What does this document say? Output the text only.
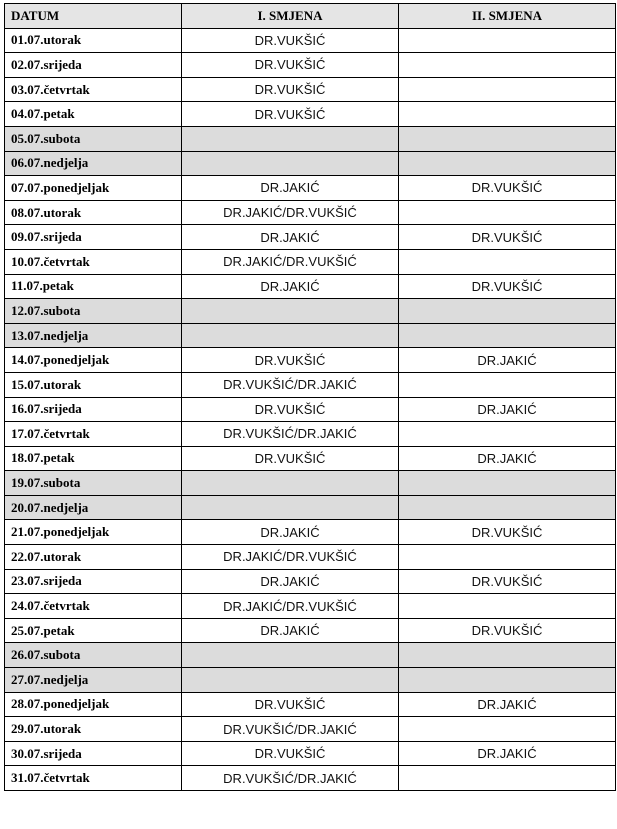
DATUM	I. SMJENA	II. SMJENA
01.07.utorak	DR.VUKŠIĆ	
02.07.srijeda	DR.VUKŠIĆ	
03.07.četvrtak	DR.VUKŠIĆ	
04.07.petak	DR.VUKŠIĆ	
05.07.subota		
06.07.nedjelja		
07.07.ponedjeljak	DR.JAKIĆ	DR.VUKŠIĆ
08.07.utorak	DR.JAKIĆ/DR.VUKŠIĆ	
09.07.srijeda	DR.JAKIĆ	DR.VUKŠIĆ
10.07.četvrtak	DR.JAKIĆ/DR.VUKŠIĆ	
11.07.petak	DR.JAKIĆ	DR.VUKŠIĆ
12.07.subota		
13.07.nedjelja		
14.07.ponedjeljak	DR.VUKŠIĆ	DR.JAKIĆ
15.07.utorak	DR.VUKŠIĆ/DR.JAKIĆ	
16.07.srijeda	DR.VUKŠIĆ	DR.JAKIĆ
17.07.četvrtak	DR.VUKŠIĆ/DR.JAKIĆ	
18.07.petak	DR.VUKŠIĆ	DR.JAKIĆ
19.07.subota		
20.07.nedjelja		
21.07.ponedjeljak	DR.JAKIĆ	DR.VUKŠIĆ
22.07.utorak	DR.JAKIĆ/DR.VUKŠIĆ	
23.07.srijeda	DR.JAKIĆ	DR.VUKŠIĆ
24.07.četvrtak	DR.JAKIĆ/DR.VUKŠIĆ	
25.07.petak	DR.JAKIĆ	DR.VUKŠIĆ
26.07.subota		
27.07.nedjelja		
28.07.ponedjeljak	DR.VUKŠIĆ	DR.JAKIĆ
29.07.utorak	DR.VUKŠIĆ/DR.JAKIĆ	
30.07.srijeda	DR.VUKŠIĆ	DR.JAKIĆ
31.07.četvrtak	DR.VUKŠIĆ/DR.JAKIĆ	
